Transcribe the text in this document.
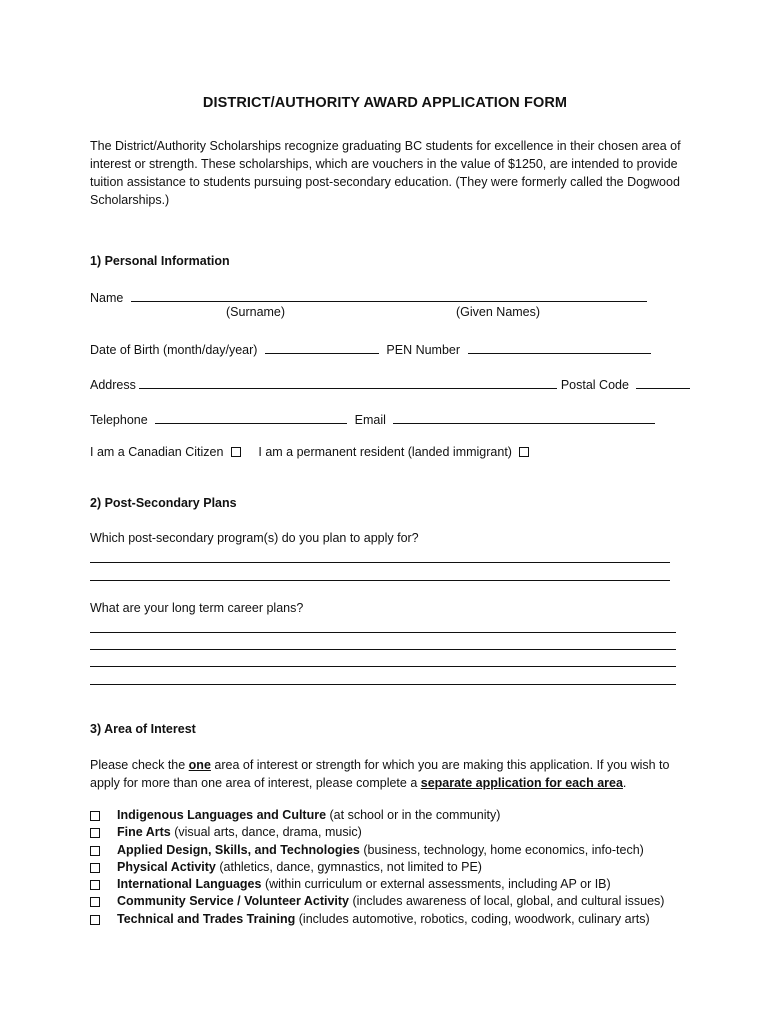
DISTRICT/AUTHORITY AWARD APPLICATION FORM
The District/Authority Scholarships recognize graduating BC students for excellence in their chosen area of interest or strength. These scholarships, which are vouchers in the value of $1250, are intended to provide tuition assistance to students pursuing post-secondary education. (They were formerly called the Dogwood Scholarships.)
1) Personal Information
Name
(Surname)	(Given Names)
Date of Birth (month/day/year)	PEN Number
Address	Postal Code
Telephone	Email
I am a Canadian Citizen	I am a permanent resident (landed immigrant)
2) Post-Secondary Plans
Which post-secondary program(s) do you plan to apply for?
What are your long term career plans?
3) Area of Interest
Please check the one area of interest or strength for which you are making this application. If you wish to apply for more than one area of interest, please complete a separate application for each area.
Indigenous Languages and Culture (at school or in the community)
Fine Arts (visual arts, dance, drama, music)
Applied Design, Skills, and Technologies (business, technology, home economics, info-tech)
Physical Activity (athletics, dance, gymnastics, not limited to PE)
International Languages (within curriculum or external assessments, including AP or IB)
Community Service / Volunteer Activity (includes awareness of local, global, and cultural issues)
Technical and Trades Training (includes automotive, robotics, coding, woodwork, culinary arts)
